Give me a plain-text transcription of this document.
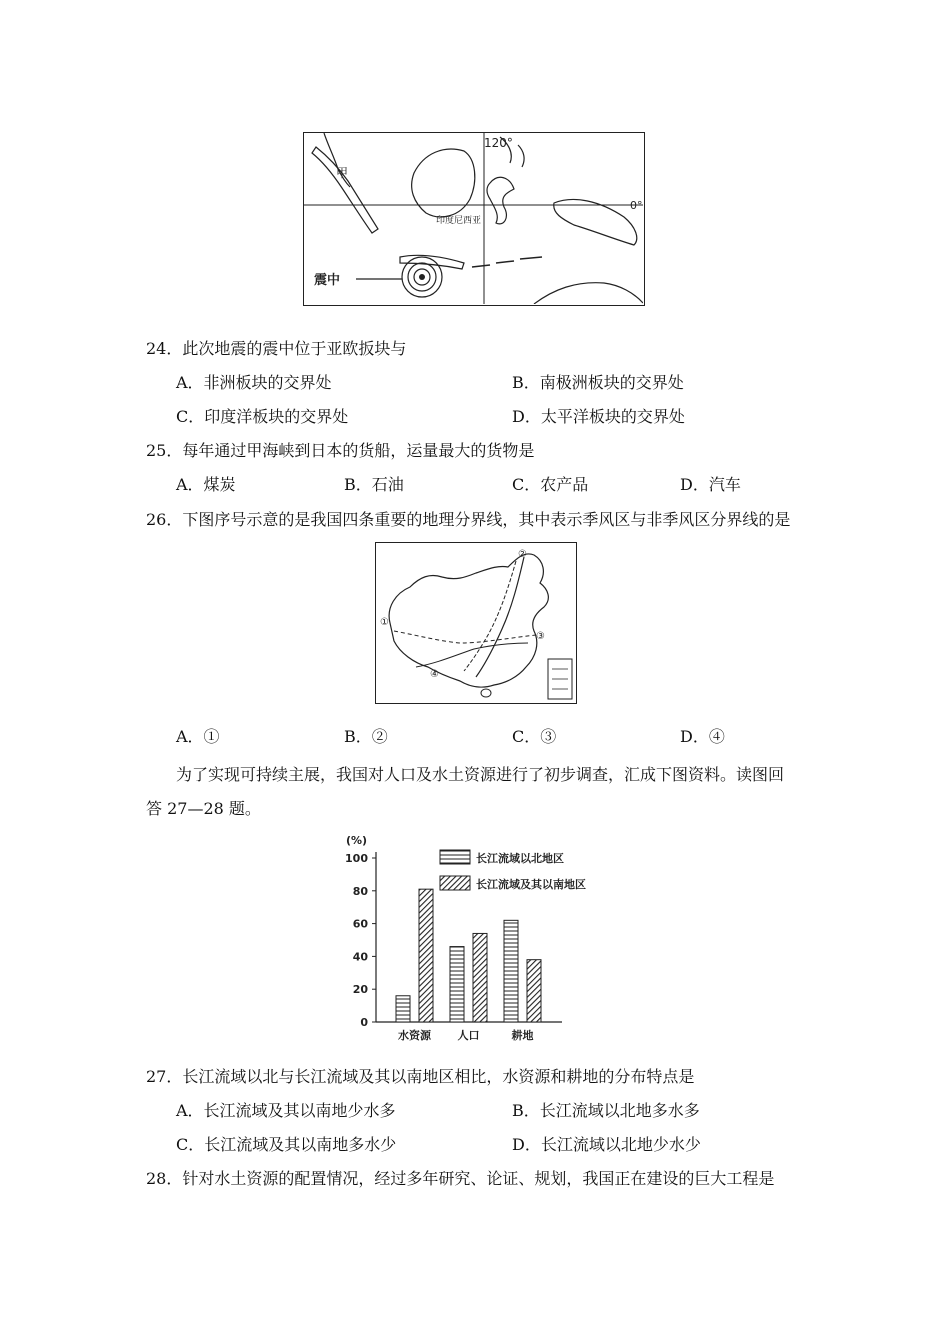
120°
0°
甲
印度尼西亚
震中
24．此次地震的震中位于亚欧扳块与
A．非洲板块的交界处	B．南极洲板块的交界处
C．印度洋板块的交界处	D．太平洋板块的交界处
25．每年通过甲海峡到日本的货船，运量最大的货物是
A．煤炭	B．石油	C．农产品	D．汽车
26．下图序号示意的是我国四条重要的地理分界线，其中表示季风区与非季风区分界线的是
①
②
③
④
A．①	B．②	C．③	D．④
为了实现可持续主展，我国对人口及水土资源进行了初步调查，汇成下图资料。读图回
答 27—28 题。
0
20
40
60
80
100
(%)
水资源 人口	耕地
长江流域以北地区
长江流域及其以南地区
27．长江流域以北与长江流域及其以南地区相比，水资源和耕地的分布特点是
A．长江流域及其以南地少水多	B．长江流域以北地多水多
C．长江流域及其以南地多水少	D．长江流域以北地少水少
28．针对水土资源的配置情况，经过多年研究、论证、规划，我国正在建设的巨大工程是
